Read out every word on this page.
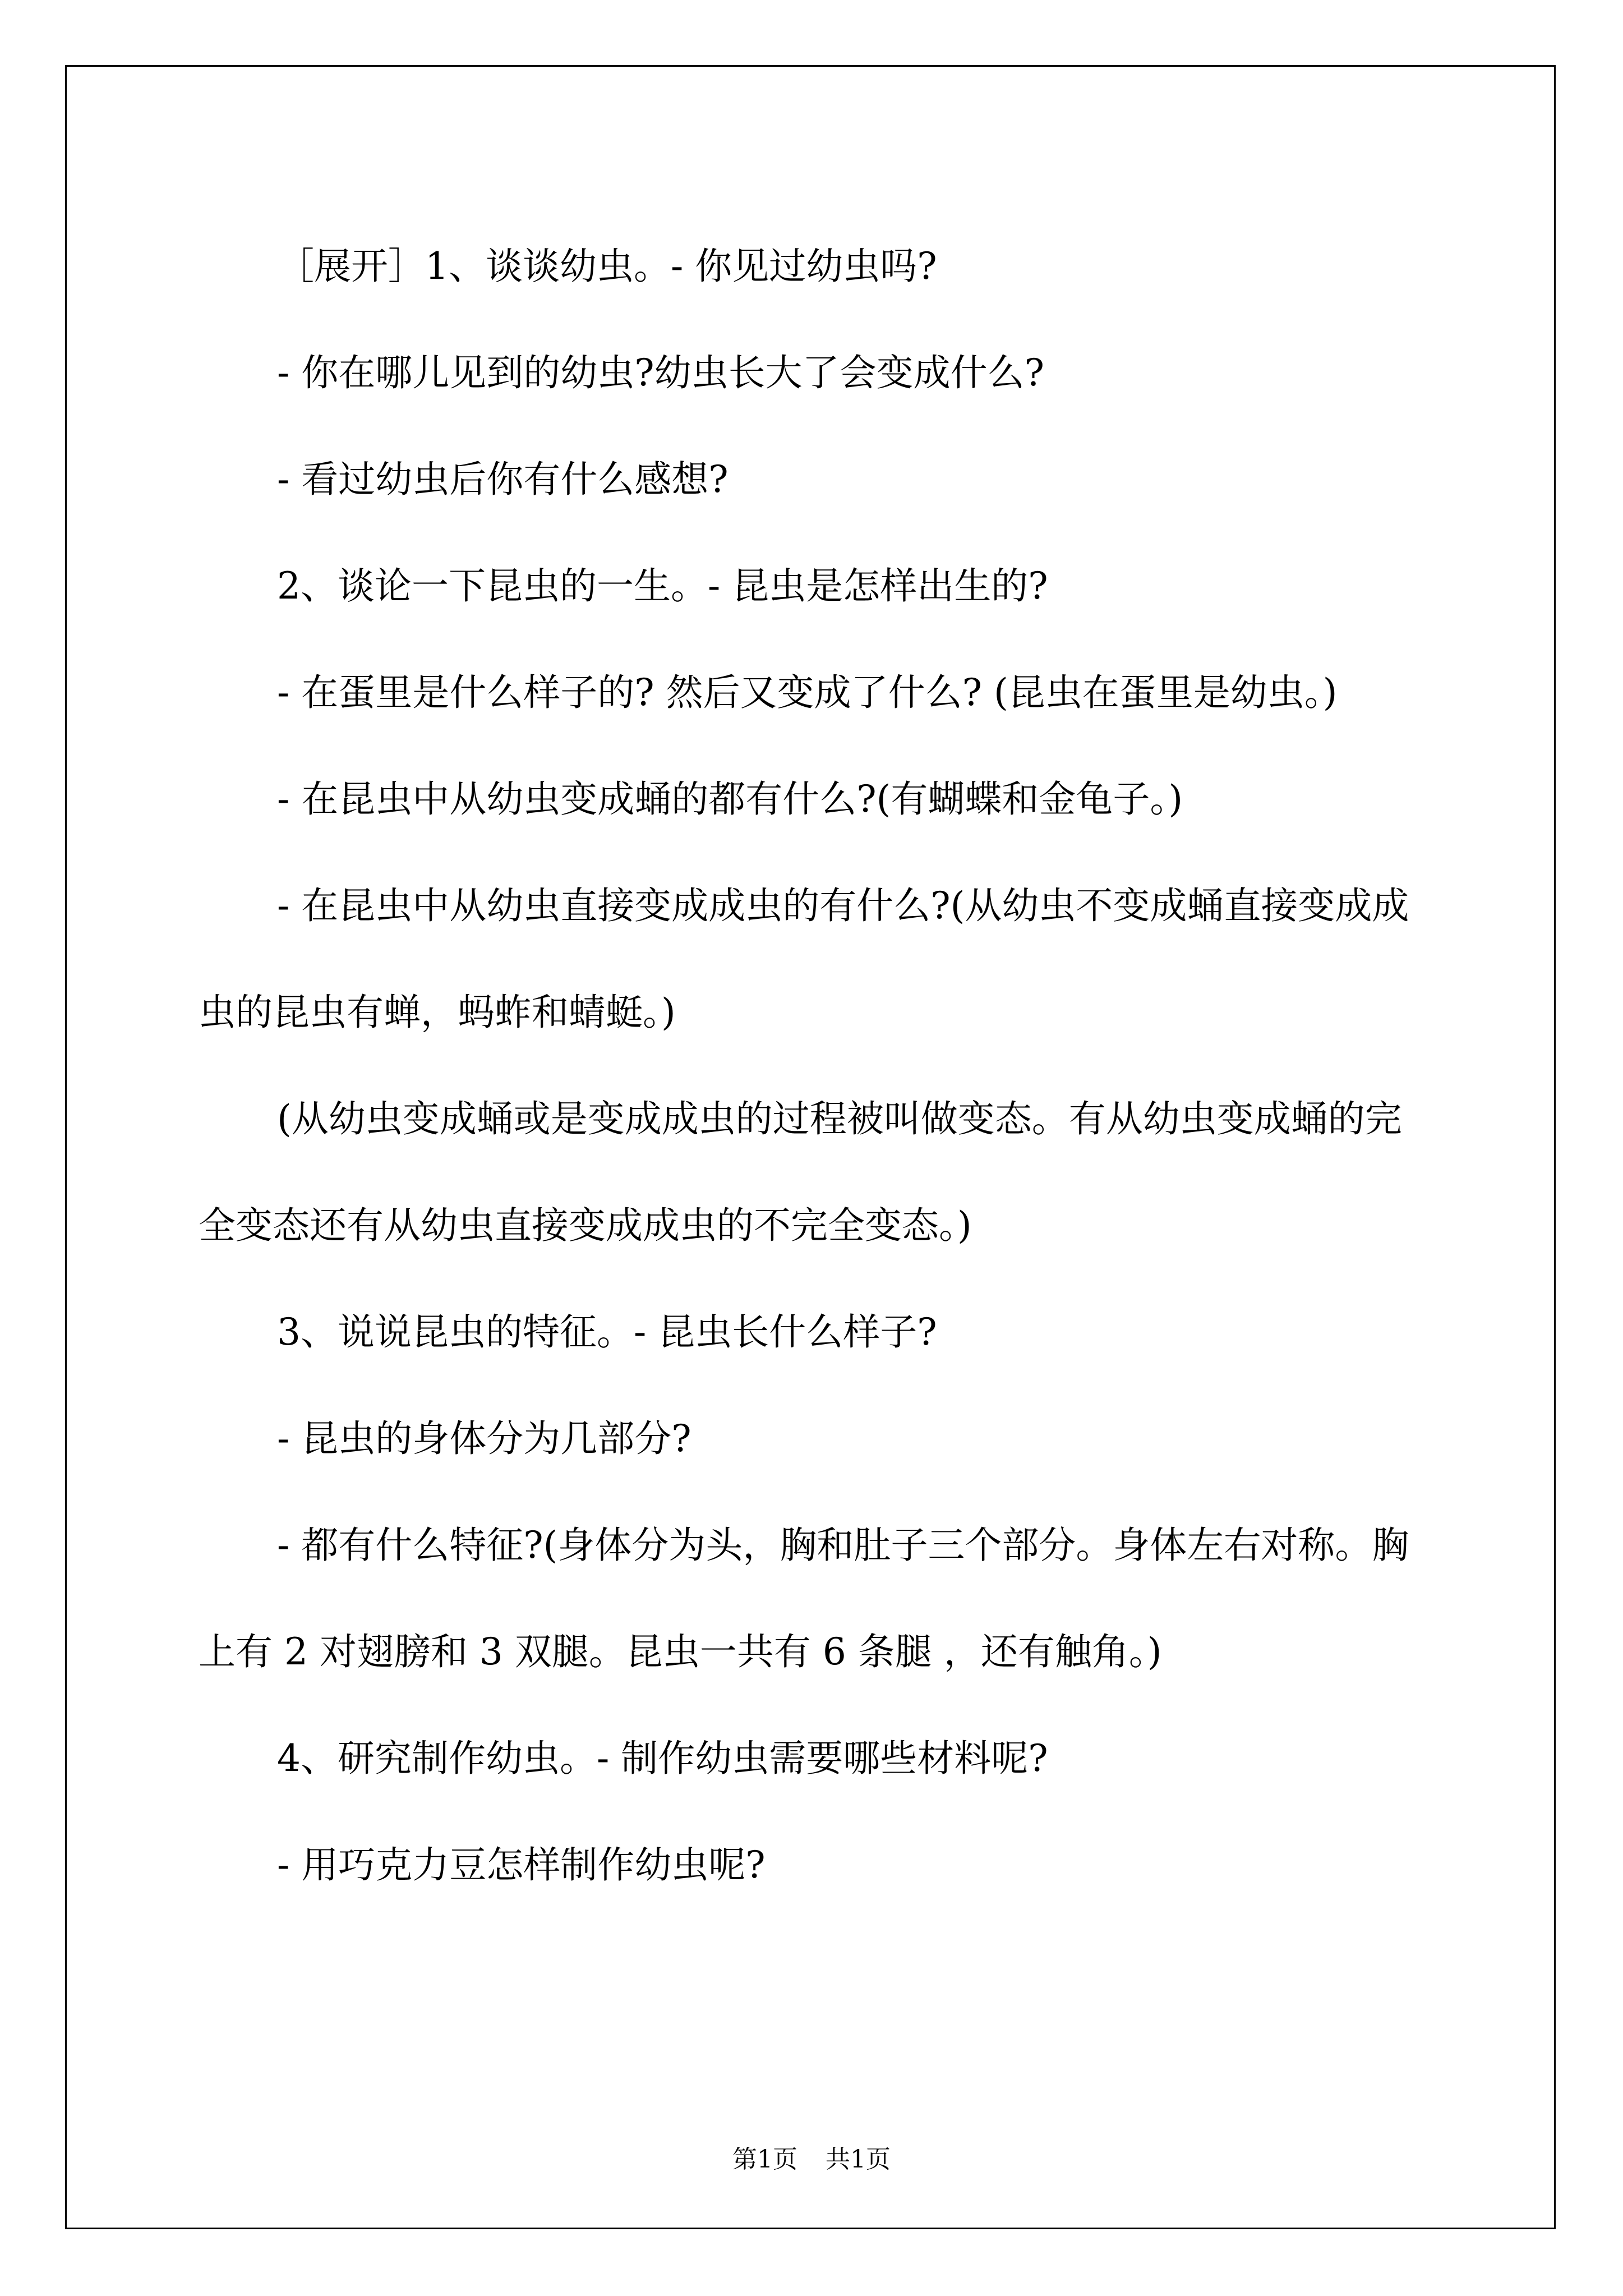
［展开］1、谈谈幼虫。- 你见过幼虫吗?

- 你在哪儿见到的幼虫?幼虫长大了会变成什么?

- 看过幼虫后你有什么感想?

2、谈论一下昆虫的一生。- 昆虫是怎样出生的?

- 在蛋里是什么样子的? 然后又变成了什么? (昆虫在蛋里是幼虫。)

- 在昆虫中从幼虫变成蛹的都有什么?(有蝴蝶和金龟子。)

- 在昆虫中从幼虫直接变成成虫的有什么?(从幼虫不变成蛹直接变成成虫的昆虫有蝉，蚂蚱和蜻蜓。)

(从幼虫变成蛹或是变成成虫的过程被叫做变态。有从幼虫变成蛹的完全变态还有从幼虫直接变成成虫的不完全变态。)

3、说说昆虫的特征。- 昆虫长什么样子?

- 昆虫的身体分为几部分?

- 都有什么特征?(身体分为头，胸和肚子三个部分。身体左右对称。胸上有 2 对翅膀和 3 双腿。昆虫一共有 6 条腿 ，还有触角。)

4、研究制作幼虫。- 制作幼虫需要哪些材料呢?

- 用巧克力豆怎样制作幼虫呢?

第1页 共1页
